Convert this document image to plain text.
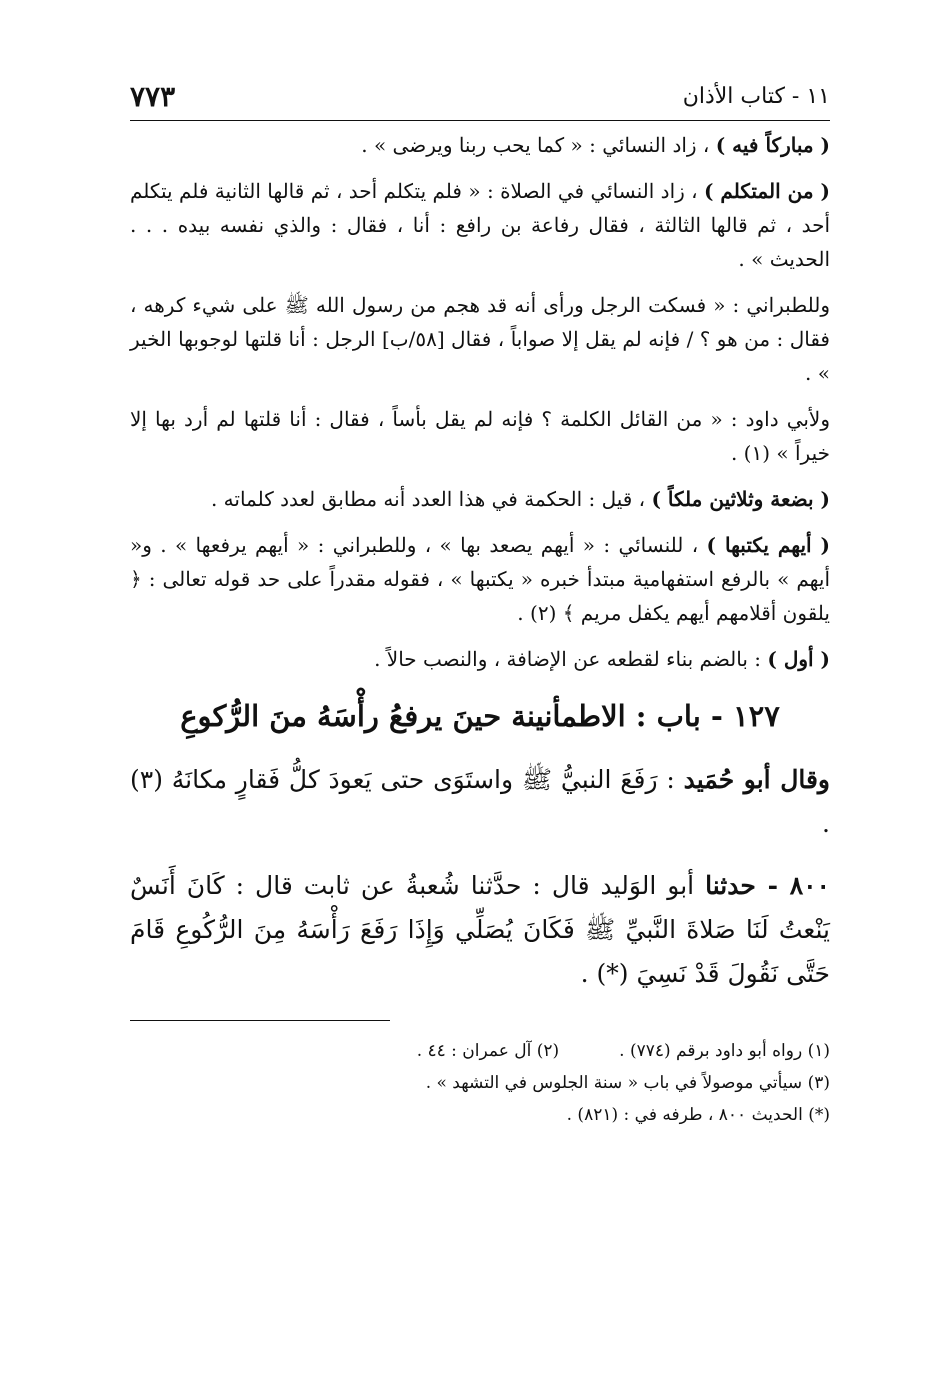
١١ - كتاب الأذان
٧٧٣

( مباركاً فيه ) ، زاد النسائي : « كما يحب ربنا ويرضى » .

( من المتكلم ) ، زاد النسائي في الصلاة : « فلم يتكلم أحد ، ثم قالها الثانية فلم يتكلم أحد ، ثم قالها الثالثة ، فقال رفاعة بن رافع : أنا ، فقال : والذي نفسه بيده . . . الحديث » .

وللطبراني : « فسكت الرجل ورأى أنه قد هجم من رسول الله ﷺ على شيء كرهه ، فقال : من هو ؟ / فإنه لم يقل إلا صواباً ، فقال [٥٨/ب] الرجل : أنا قلتها لوجوبها الخير » .

ولأبي داود : « من القائل الكلمة ؟ فإنه لم يقل بأساً ، فقال : أنا قلتها لم أرد بها إلا خيراً » (١) .

( بضعة وثلاثين ملكاً ) ، قيل : الحكمة في هذا العدد أنه مطابق لعدد كلماته .

( أيهم يكتبها ) ، للنسائي : « أيهم يصعد بها » ، وللطبراني : « أيهم يرفعها » . و« أيهم » بالرفع استفهامية مبتدأ خبره « يكتبها » ، فقوله مقدراً على حد قوله تعالى : ﴿ يلقون أقلامهم أيهم يكفل مريم ﴾ (٢) .

( أول ) : بالضم بناء لقطعه عن الإضافة ، والنصب حالاً .

١٢٧ - باب : الاطمأنينة حينَ يرفعُ رأْسَهُ منَ الرُّكوعِ

وقال أبو حُمَيد : رَفَعَ النبيُّ ﷺ واستَوَى حتى يَعودَ كلُّ فَقارٍ مكانَهُ (٣) .

٨٠٠ - حدثنا أبو الوَليد قال : حدَّثنا شُعبةُ عن ثابت قال : كَانَ أَنَسٌ يَنْعتُ لَنَا صَلاةَ النَّبيِّ ﷺ فَكَانَ يُصَلِّي وَإِذَا رَفَعَ رَأْسَهُ مِنَ الرُّكُوعِ قَامَ حَتَّى نَقُولَ قَدْ نَسِيَ (*) .

(١) رواه أبو داود برقم (٧٧٤) .

(٢) آل عمران : ٤٤ .

(٣) سيأتي موصولاً في باب « سنة الجلوس في التشهد » .

(*) الحديث ٨٠٠ ، طرفه في : (٨٢١) .
